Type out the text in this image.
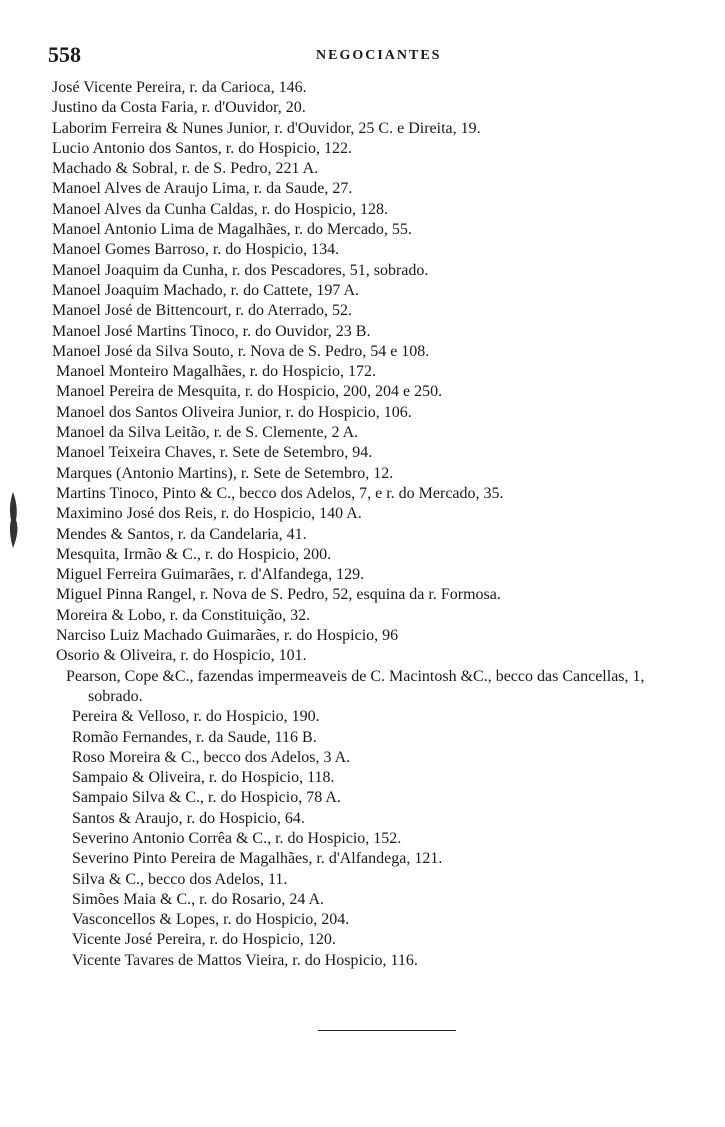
558	NEGOCIANTES
José Vicente Pereira, r. da Carioca, 146.
Justino da Costa Faria, r. d'Ouvidor, 20.
Laborim Ferreira & Nunes Junior, r. d'Ouvidor, 25 C. e Direita, 19.
Lucio Antonio dos Santos, r. do Hospicio, 122.
Machado & Sobral, r. de S. Pedro, 221 A.
Manoel Alves de Araujo Lima, r. da Saude, 27.
Manoel Alves da Cunha Caldas, r. do Hospicio, 128.
Manoel Antonio Lima de Magalhães, r. do Mercado, 55.
Manoel Gomes Barroso, r. do Hospicio, 134.
Manoel Joaquim da Cunha, r. dos Pescadores, 51, sobrado.
Manoel Joaquim Machado, r. do Cattete, 197 A.
Manoel José de Bittencourt, r. do Aterrado, 52.
Manoel José Martins Tinoco, r. do Ouvidor, 23 B.
Manoel José da Silva Souto, r. Nova de S. Pedro, 54 e 108.
Manoel Monteiro Magalhães, r. do Hospicio, 172.
Manoel Pereira de Mesquita, r. do Hospicio, 200, 204 e 250.
Manoel dos Santos Oliveira Junior, r. do Hospicio, 106.
Manoel da Silva Leitão, r. de S. Clemente, 2 A.
Manoel Teixeira Chaves, r. Sete de Setembro, 94.
Marques (Antonio Martins), r. Sete de Setembro, 12.
Martins Tinoco, Pinto & C., becco dos Adelos, 7, e r. do Mercado, 35.
Maximino José dos Reis, r. do Hospicio, 140 A.
Mendes & Santos, r. da Candelaria, 41.
Mesquita, Irmão & C., r. do Hospicio, 200.
Miguel Ferreira Guimarães, r. d'Alfandega, 129.
Miguel Pinna Rangel, r. Nova de S. Pedro, 52, esquina da r. Formosa.
Moreira & Lobo, r. da Constituição, 32.
Narciso Luiz Machado Guimarães, r. do Hospicio, 96
Osorio & Oliveira, r. do Hospicio, 101.
Pearson, Cope &C., fazendas impermeaveis de C. Macintosh &C., becco das Cancellas, 1, sobrado.
Pereira & Velloso, r. do Hospicio, 190.
Romão Fernandes, r. da Saude, 116 B.
Roso Moreira & C., becco dos Adelos, 3 A.
Sampaio & Oliveira, r. do Hospicio, 118.
Sampaio Silva & C., r. do Hospicio, 78 A.
Santos & Araujo, r. do Hospicio, 64.
Severino Antonio Corrêa & C., r. do Hospicio, 152.
Severino Pinto Pereira de Magalhães, r. d'Alfandega, 121.
Silva & C., becco dos Adelos, 11.
Simões Maia & C., r. do Rosario, 24 A.
Vasconcellos & Lopes, r. do Hospicio, 204.
Vicente José Pereira, r. do Hospicio, 120.
Vicente Tavares de Mattos Vieira, r. do Hospicio, 116.
